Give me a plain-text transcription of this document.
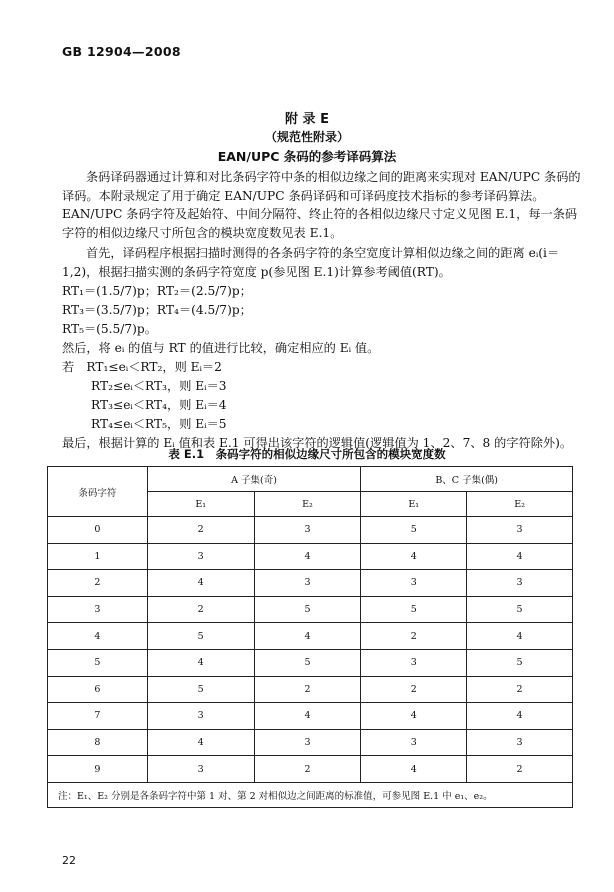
GB 12904—2008
附 录 E
（规范性附录）
EAN/UPC 条码的参考译码算法

条码译码器通过计算和对比条码字符中条的相似边缘之间的距离来实现对 EAN/UPC 条码的译码。本附录规定了用于确定 EAN/UPC 条码译码和可译码度技术指标的参考译码算法。EAN/UPC 条码字符及起始符、中间分隔符、终止符的各相似边缘尺寸定义见图 E.1，每一条码字符的相似边缘尺寸所包含的模块宽度数见表 E.1。

首先，译码程序根据扫描时测得的各条码字符的条空宽度计算相似边缘之间的距离 eᵢ(i＝1,2)，根据扫描实测的条码字符宽度 p(参见图 E.1)计算参考阈值(RT)。

RT₁＝(1.5/7)p；RT₂＝(2.5/7)p；
RT₃＝(3.5/7)p；RT₄＝(4.5/7)p；
RT₅＝(5.5/7)p。
然后，将 eᵢ 的值与 RT 的值进行比较，确定相应的 Eᵢ 值。
若　RT₁≤eᵢ＜RT₂，则 Eᵢ＝2
RT₂≤eᵢ＜RT₃，则 Eᵢ＝3
RT₃≤eᵢ＜RT₄，则 Eᵢ＝4
RT₄≤eᵢ＜RT₅，则 Eᵢ＝5
最后，根据计算的 Eᵢ 值和表 E.1 可得出该字符的逻辑值(逻辑值为 1、2、7、8 的字符除外)。
表 E.1　条码字符的相似边缘尺寸所包含的模块宽度数
条码字符	A 子集(奇)		B、C 子集(偶)	
	E₁	E₂	E₁	E₂
0	2	3	5	3
1	3	4	4	4
2	4	3	3	3
3	2	5	5	5
4	5	4	2	4
5	4	5	3	5
6	5	2	2	2
7	3	4	4	4
8	4	3	3	3
9	3	2	4	2
注：E₁、E₂ 分别是各条码字符中第 1 对、第 2 对相似边之间距离的标准值，可参见图 E.1 中 e₁、e₂。				
22
